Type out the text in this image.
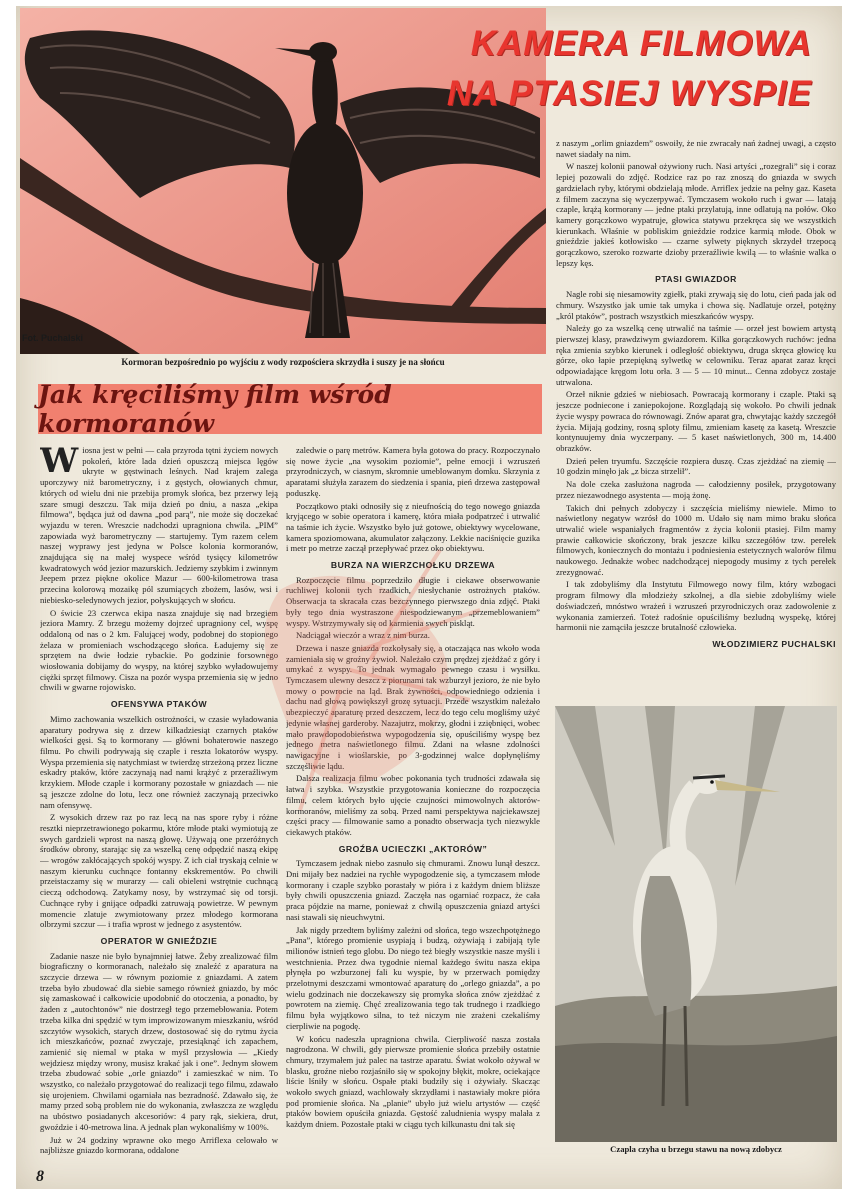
Fot. Puchalski
Kormoran bezpośrednio po wyjściu z wody rozpościera skrzydła i suszy je na słońcu
KAMERA FILMOWA
NA PTASIEJ WYSPIE
Jak kręciliśmy film wśród kormoranów

Wiosna jest w pełni — cała przyroda tętni życiem nowych pokoleń, które lada dzień opuszczą miejsca lęgów ukryte w gęstwinach leśnych. Nad krajem zalega uporczywy niż barometryczny, i z gęstych, ołowianych chmur, których od wielu dni nie przebija promyk słońca, bez przerwy leją szare smugi deszczu. Tak mija dzień po dniu, a nasza „ekipa filmowa”, będąca już od dawna „pod parą”, nie może się doczekać wyjazdu w teren. Wreszcie nadchodzi upragniona chwila. „PIM” zapowiada wyż barometryczny — startujemy. Tym razem celem naszej wyprawy jest jedyna w Polsce kolonia kormoranów, znajdująca się na małej wyspece wśród tysięcy kilometrów kwadratowych wód jezior mazurskich. Jedziemy szybkim i zwinnym Jeepem przez piękne okolice Mazur — 600-kilometrowa trasa przecina kolorową mozaikę pól szumiących zbożem, lasów, wsi i niebiesko-seledynowych jezior, połyskujących w słońcu.

O świcie 23 czerwca ekipa nasza znajduje się nad brzegiem jeziora Mamry. Z brzegu możemy dojrzeć upragniony cel, wyspę oddaloną od nas o 2 km. Falującej wody, podobnej do stopionego żelaza w promieniach wschodzącego słońca. Ładujemy się ze sprzętem na dwie łodzie rybackie. Po godzinie forsownego wiosłowania dobijamy do wyspy, na której szybko wyładowujemy ciężki sprzęt filmowy. Cisza na pozór wyspa przemienia się w jedno chwili w gwarne rojowisko.

OFENSYWA PTAKÓW

Mimo zachowania wszelkich ostrożności, w czasie wyładowania aparatury podrywa się z drzew kilkadziesiąt czarnych ptaków wielkości gęsi. Są to kormorany — główni bohaterowie naszego filmu. Po chwili podrywają się czaple i reszta lokatorów wyspy. Wyspa przemienia się natychmiast w twierdzę strzeżoną przez liczne eskadry ptaków, które zaczynają nad nami krążyć z przeraźliwym krzykiem. Młode czaple i kormorany pozostałe w gniazdach — nie są jeszcze zdolne do lotu, lecz one również zaczynają przeciwko nam ofensywę.

Z wysokich drzew raz po raz lecą na nas spore ryby i różne resztki nieprzetrawionego pokarmu, które młode ptaki wymiotują ze swych gardzieli wprost na naszą głowę. Używają one przeróżnych środków obrony, starając się za wszelką cenę odpędzić naszą ekipę — wrogów zakłócających spokój wyspy. Z ich ciał tryskają celnie w naszym kierunku cuchnące fontanny ekskrementów. Po chwili przeistaczamy się w murarzy — cali obieleni wstrętnie cuchnącą cieczą odchodową. Zatykamy nosy, by wstrzymać się od torsji. Cuchnące ryby i gnijące odpadki zatruwają powietrze. W pewnym momencie zlatuje zwymiotowany przez młodego kormorana olbrzymi szczur — i trafia wprost w jednego z asystentów.

OPERATOR W GNIEŹDZIE

Zadanie nasze nie było bynajmniej łatwe. Żeby zrealizować film biograficzny o kormoranach, należało się znaleźć z aparatura na szczycie drzewa — w równym poziomie z gniazdami. A zatem trzeba było zbudować dla siebie samego również gniazdo, by móc się zamaskować i całkowicie upodobnić do otoczenia, a ponadto, by żaden z „autochtonów” nie dostrzegł tego przemebłowania. Potem trzeba kilka dni spędzić w tym improwizowanym mieszkaniu, wśród szczytów wysokich, starych drzew, dostosować się do rytmu życia ich mieszkańców, poznać zwyczaje, przesiąknąć ich zapachem, zamienić się niemal w ptaka w myśl przysłowia — „Kiedy wejdziesz między wrony, musisz krakać jak i one”. Jednym słowem trzeba zbudować sobie „orle gniazdo” i zamieszkać w nim. To wszystko, co należało przygotować do realizacji tego filmu, zdawało się urojeniem. Chwilami ogarniała nas bezradność. Zdawało się, że mamy przed sobą problem nie do wykonania, zwłaszcza ze względu na ubóstwo posiadanych akcesoriów: 4 pary rąk, siekiera, drut, gwoździe i 40-metrowa lina. A jednak plan wykonaliśmy w 100%.

Już w 24 godziny wprawne oko mego Arriflexa celowało w najbliższe gniazdo kormorana, oddalone

zaledwie o parę metrów. Kamera była gotowa do pracy. Rozpoczynało się nowe życie „na wysokim poziomie”, pełne emocji i wzruszeń przyrodniczych, w ciasnym, skromnie umeblowanym domku. Skrzynia z aparatami służyła zarazem do siedzenia i spania, pień drzewa zastępował poduszkę.

Początkowo ptaki odnosiły się z nieufnością do tego nowego gniazda kryjącego w sobie operatora i kamerę, która miała podpatrzeć i utrwalić na taśmie ich życie. Wszystko było już gotowe, obiektywy wycelowane, kamera spoziomowana, akumulator załączony. Lekkie naciśnięcie guzika i metr po metrze zaczął przepływać przez oko obiektywu.

BURZA NA WIERZCHOŁKU DRZEWA

Rozpoczęcie filmu poprzedziło długie i ciekawe obserwowanie ruchliwej kolonii tych rzadkich, niesłychanie ostrożnych ptaków. Obserwacja ta skracała czas bezczynnego pierwszego dnia zdjęć. Ptaki były tego dnia wystraszone niespodziewanym „przemeblowaniem” wyspy. Wstrzymywały się od karmienia swych piskląt.

Nadciągał wieczór a wraz z nim burza.

Drzewa i nasze gniazda rozkołysały się, a otaczająca nas wkoło woda zamieniała się w groźny żywioł. Należało czym prędzej zjeżdżać z góry i umykać z wyspy. To jednak wymagało pewnego czasu i wysiłku. Tymczasem ulewny deszcz z piorunami tak wzburzył jezioro, że nie było mowy o powrocie na ląd. Brak żywności, odpowiedniego odzienia i dachu nad głową powiększył grozę sytuacji. Przede wszystkim należało ubezpieczyć aparaturę przed deszczem, lecz do tego celu mogliśmy użyć jedynie własnej garderoby. Nazajutrz, mokrzy, głodni i zziębnięci, wobec mało prawdopodobieństwa wypogodzenia się, opuściliśmy wyspę bez jednego metra naświetlonego filmu. Zdani na własne zdolności nawigacyjne i wioślarskie, po 3-godzinnej walce dopłynęliśmy szczęśliwie lądu.

Dalsza realizacja filmu wobec pokonania tych trudności zdawała się łatwa i szybka. Wszystkie przygotowania konieczne do rozpoczęcia filmu, celem których było ujęcie czujności mimowolnych aktorów-kormoranów, mieliśmy za sobą. Przed nami perspektywa najciekawszej części pracy — filmowanie samo a ponadto obserwacja tych niezwykle ciekawych ptaków.

GROŹBA UCIECZKI „AKTORÓW”

Tymczasem jednak niebo zasnuło się chmurami. Znowu lunął deszcz. Dni mijały bez nadziei na rychłe wypogodzenie się, a tymczasem młode kormorany i czaple szybko porastały w pióra i z każdym dniem bliższe były chwili opuszczenia gniazd. Zaczęła nas ogarniać rozpacz, że cała praca pójdzie na marne, ponieważ z chwilą opuszczenia gniazd artyści nasi stawali się nieuchwytni.

Jak nigdy przedtem byliśmy zależni od słońca, tego wszechpotężnego „Pana”, którego promienie usypiają i budzą, ożywiają i zabijają tyle milionów istnień tego globu. Do niego też biegły wszystkie nasze myśli i westchnienia. Przez dwa tygodnie niemal każdego świtu nasza ekipa płynęła po wzburzonej fali ku wyspie, by w przerwach pomiędzy przelotnymi deszczami wmontować aparaturę do „orlego gniazda”, a po wielu godzinach nie doczekawszy się promyka słońca znów zjeżdżać z powrotem na ziemię. Chęć zrealizowania tego tak trudnego i rzadkiego filmu była wyjątkowo silna, to też niczym nie zrażeni czekaliśmy cierpliwie na pogodę.

W końcu nadeszła upragniona chwila. Cierpliwość nasza została nagrodzona. W chwili, gdy pierwsze promienie słońca przebiły ostatnie chmury, trzymałem już palec na tastrze aparatu. Świat wokoło ożywał w blasku, groźne niebo rozjaśniło się w spokojny błękit, mokre, ociekające liście lśniły w słońcu. Ospałe ptaki budziły się i ożywiały. Skacząc wokoło swych gniazd, wachlowały skrzydłami i nastawiały mokre pióra pod promienie słońca. Na „planie” ubyło już wielu artystów — część ptaków bowiem opuściła gniazda. Gęstość zaludnienia wyspy malała z każdym dniem. Pozostałe ptaki w ciągu tych kilkunastu dni tak się

z naszym „orlim gniazdem” oswoiły, że nie zwracały nań żadnej uwagi, a często nawet siadały na nim.

W naszej kolonii panował ożywiony ruch. Nasi artyści „rozegrali” się i coraz lepiej pozowali do zdjęć. Rodzice raz po raz znoszą do gniazda w swych gardzielach ryby, którymi obdzielają młode. Arriflex jedzie na pełny gaz. Kaseta z filmem zaczyna się wyczerpywać. Tymczasem wokoło ruch i gwar — latają czaple, krążą kormorany — jedne ptaki przylatują, inne odlatują na połów. Oko kamery gorączkowo wypatruje, głowica statywu przekręca się we wszystkich kierunkach. Właśnie w pobliskim gnieździe rodzice karmią młode. Obok w gnieździe jakieś kotłowisko — czarne sylwety pięknych skrzydeł trzepocą gorączkowo, szeroko rozwarte dzioby przeraźliwie kwilą — to właśnie walka o lepszy kęs.

PTASI GWIAZDOR

Nagle robi się niesamowity zgiełk, ptaki zrywają się do lotu, cień pada jak od chmury. Wszystko jak umie tak umyka i chowa się. Nadlatuje orzeł, potężny „król ptaków”, postrach wszystkich mieszkańców wyspy.

Należy go za wszelką cenę utrwalić na taśmie — orzeł jest bowiem artystą pierwszej klasy, prawdziwym gwiazdorem. Kilka gorączkowych ruchów: jedna ręka zmienia szybko kierunek i odległość obiektywu, druga skręca głowicę ku górze, oko łapie przepiękną sylwetkę w celowniku. Teraz aparat zaraz kręci odpowiadające kręgom lotu orła. 3 — 5 — 10 minut... Cenna zdobycz zostaje utrwalona.

Orzeł niknie gdzieś w niebiosach. Powracają kormorany i czaple. Ptaki są jeszcze podniecone i zaniepokojone. Rozglądają się wokoło. Po chwili jednak życie wyspy powraca do równowagi. Znów aparat gra, chwytając każdy szczegół życia. Mijają godziny, rosną sploty filmu, zmieniam kasetę za kasetą. Wreszcie kontynuujemy dnia wyczerpany. — 5 kaset naświetlonych, 300 m, 14.400 obrazków.

Dzień pełen tryumfu. Szczęście rozpiera duszę. Czas zjeżdżać na ziemię — 10 godzin minęło jak „z bicza strzelił”.

Na dole czeka zasłużona nagroda — całodzienny posiłek, przygotowany przez niezawodnego asystenta — moją żonę.

Takich dni pełnych zdobyczy i szczęścia mieliśmy niewiele. Mimo to naświetlony negatyw wzrósł do 1000 m. Udało się nam mimo braku słońca utrwalić wiele wspaniałych fragmentów z życia kolonii ptasiej. Film mamy prawie całkowicie skończony, brak jeszcze kilku szczegółów tzw. perełek filmowych, koniecznych do montażu i podniesienia estetycznych walorów filmu naukowego. Jednakże wobec nadchodzącej niepogody musimy z tych perełek zrezygnować.

I tak zdobyliśmy dla Instytutu Filmowego nowy film, który wzbogaci program filmowy dla młodzieży szkolnej, a dla siebie zdobyliśmy wiele doświadczeń, mnóstwo wrażeń i wzruszeń przyrodniczych oraz zadowolenie z wykonania zamierzeń. Toteż radośnie opuściliśmy bezludną wyspekę, której harmonii nie zamąciła jeszcze brutalność człowieka.

WŁODZIMIERZ PUCHALSKI
Czapla czyha u brzegu stawu na nową zdobycz
8
